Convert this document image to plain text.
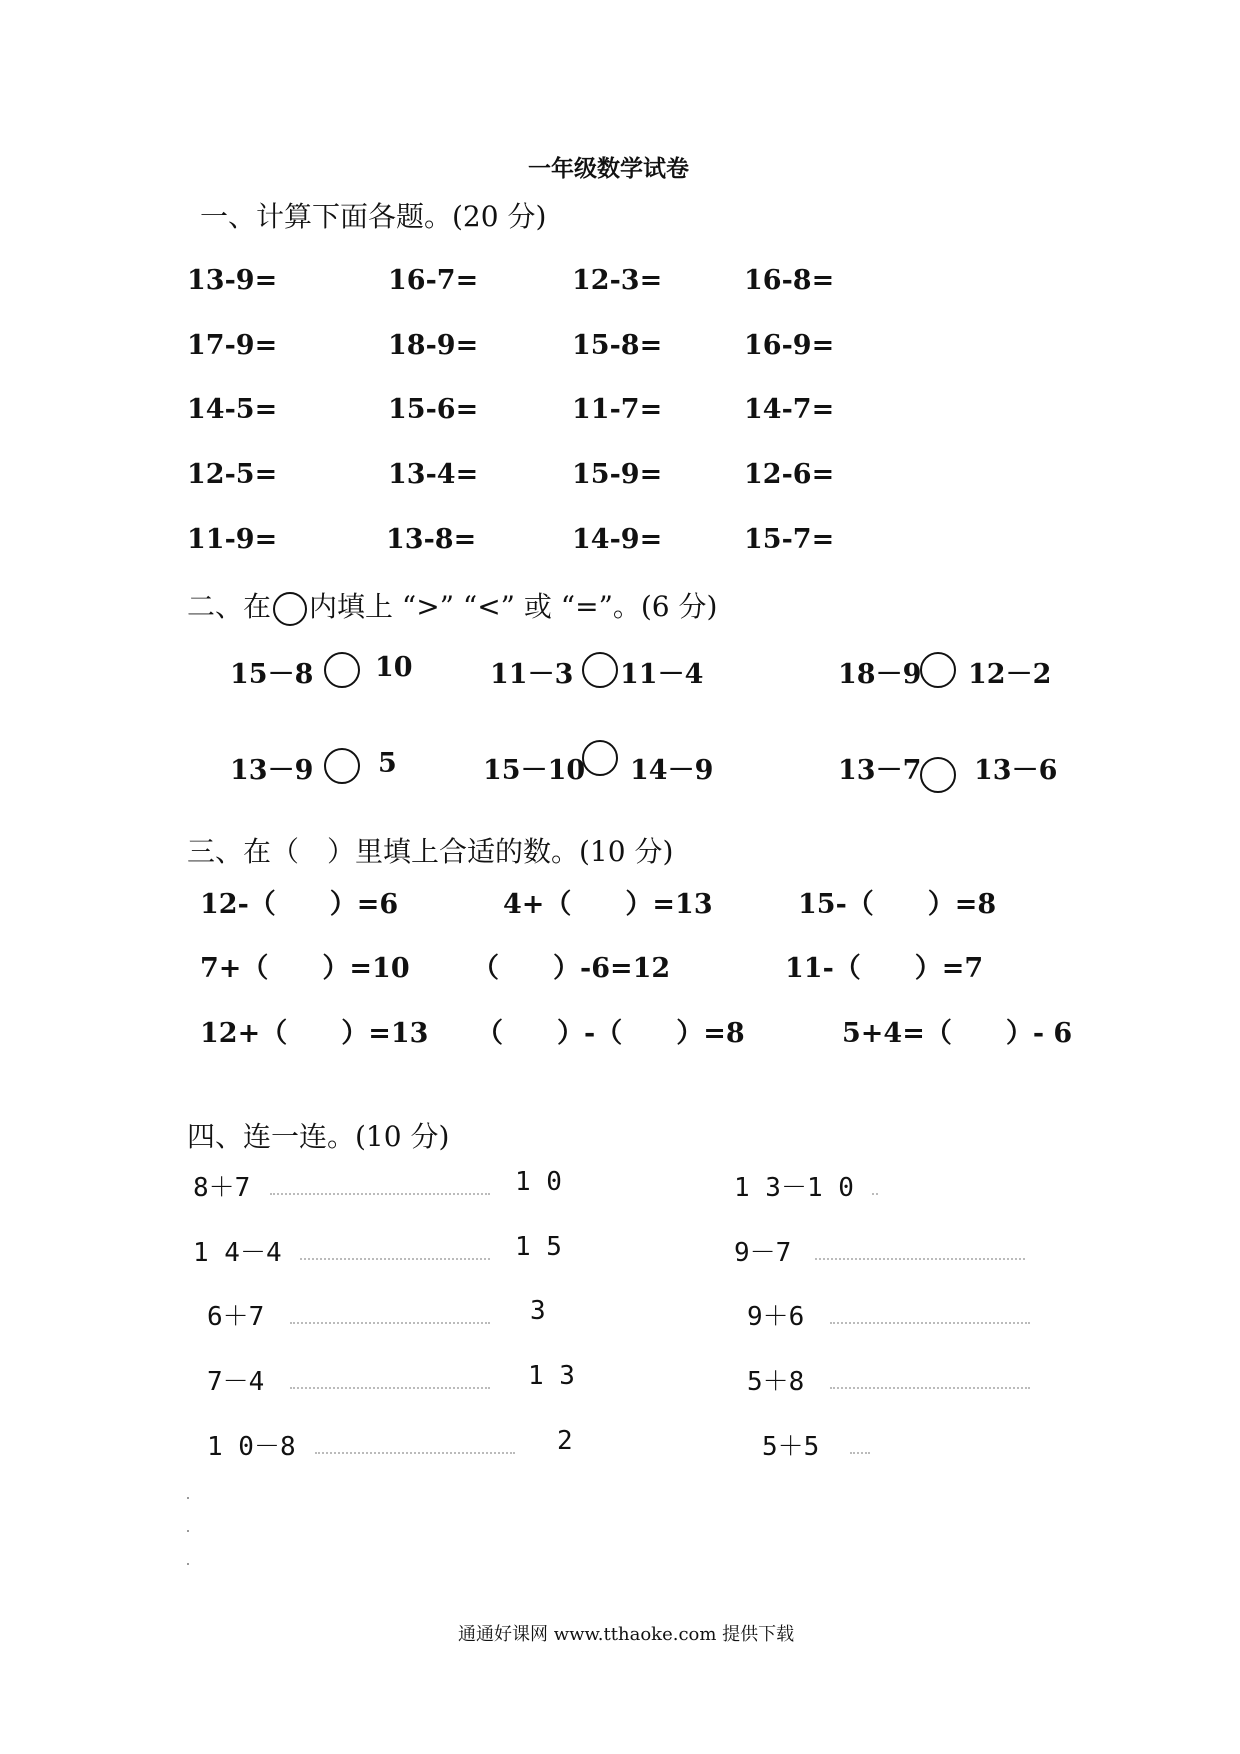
一年级数学试卷
一、计算下面各题。(20 分)
13-9=	16-7=	12-3=	16-8=
17-9=	18-9=	15-8=	16-9=
14-5=	15-6=	11-7=	14-7=
12-5=	13-4=	15-9=	12-6=
11-9=	13-8=	14-9=	15-7=
二、在 内填上 “>” “<” 或 “=”。(6 分)
15－8 10	11－3 11－4	18－9 12－2
13－9 5	15－10 14－9	13－7 13－6
三、在（　）里填上合适的数。(10 分)
12-（　　）=6	4+（　　）=13	15-（　　）=8
7+（　　）=10 （　　）-6=12	11-（　　）=7
12+（　　）=13 （　　）-（　　）=8	5+4=（　　）- 6
四、连一连。(10 分)
8＋7	1 0	1 3－1 0
1 4－4	1 5	9－7
6＋7	3	9＋6
7－4	1 3	5＋8
1 0－8	2	5＋5
通通好课网 www.tthaoke.com 提供下载
